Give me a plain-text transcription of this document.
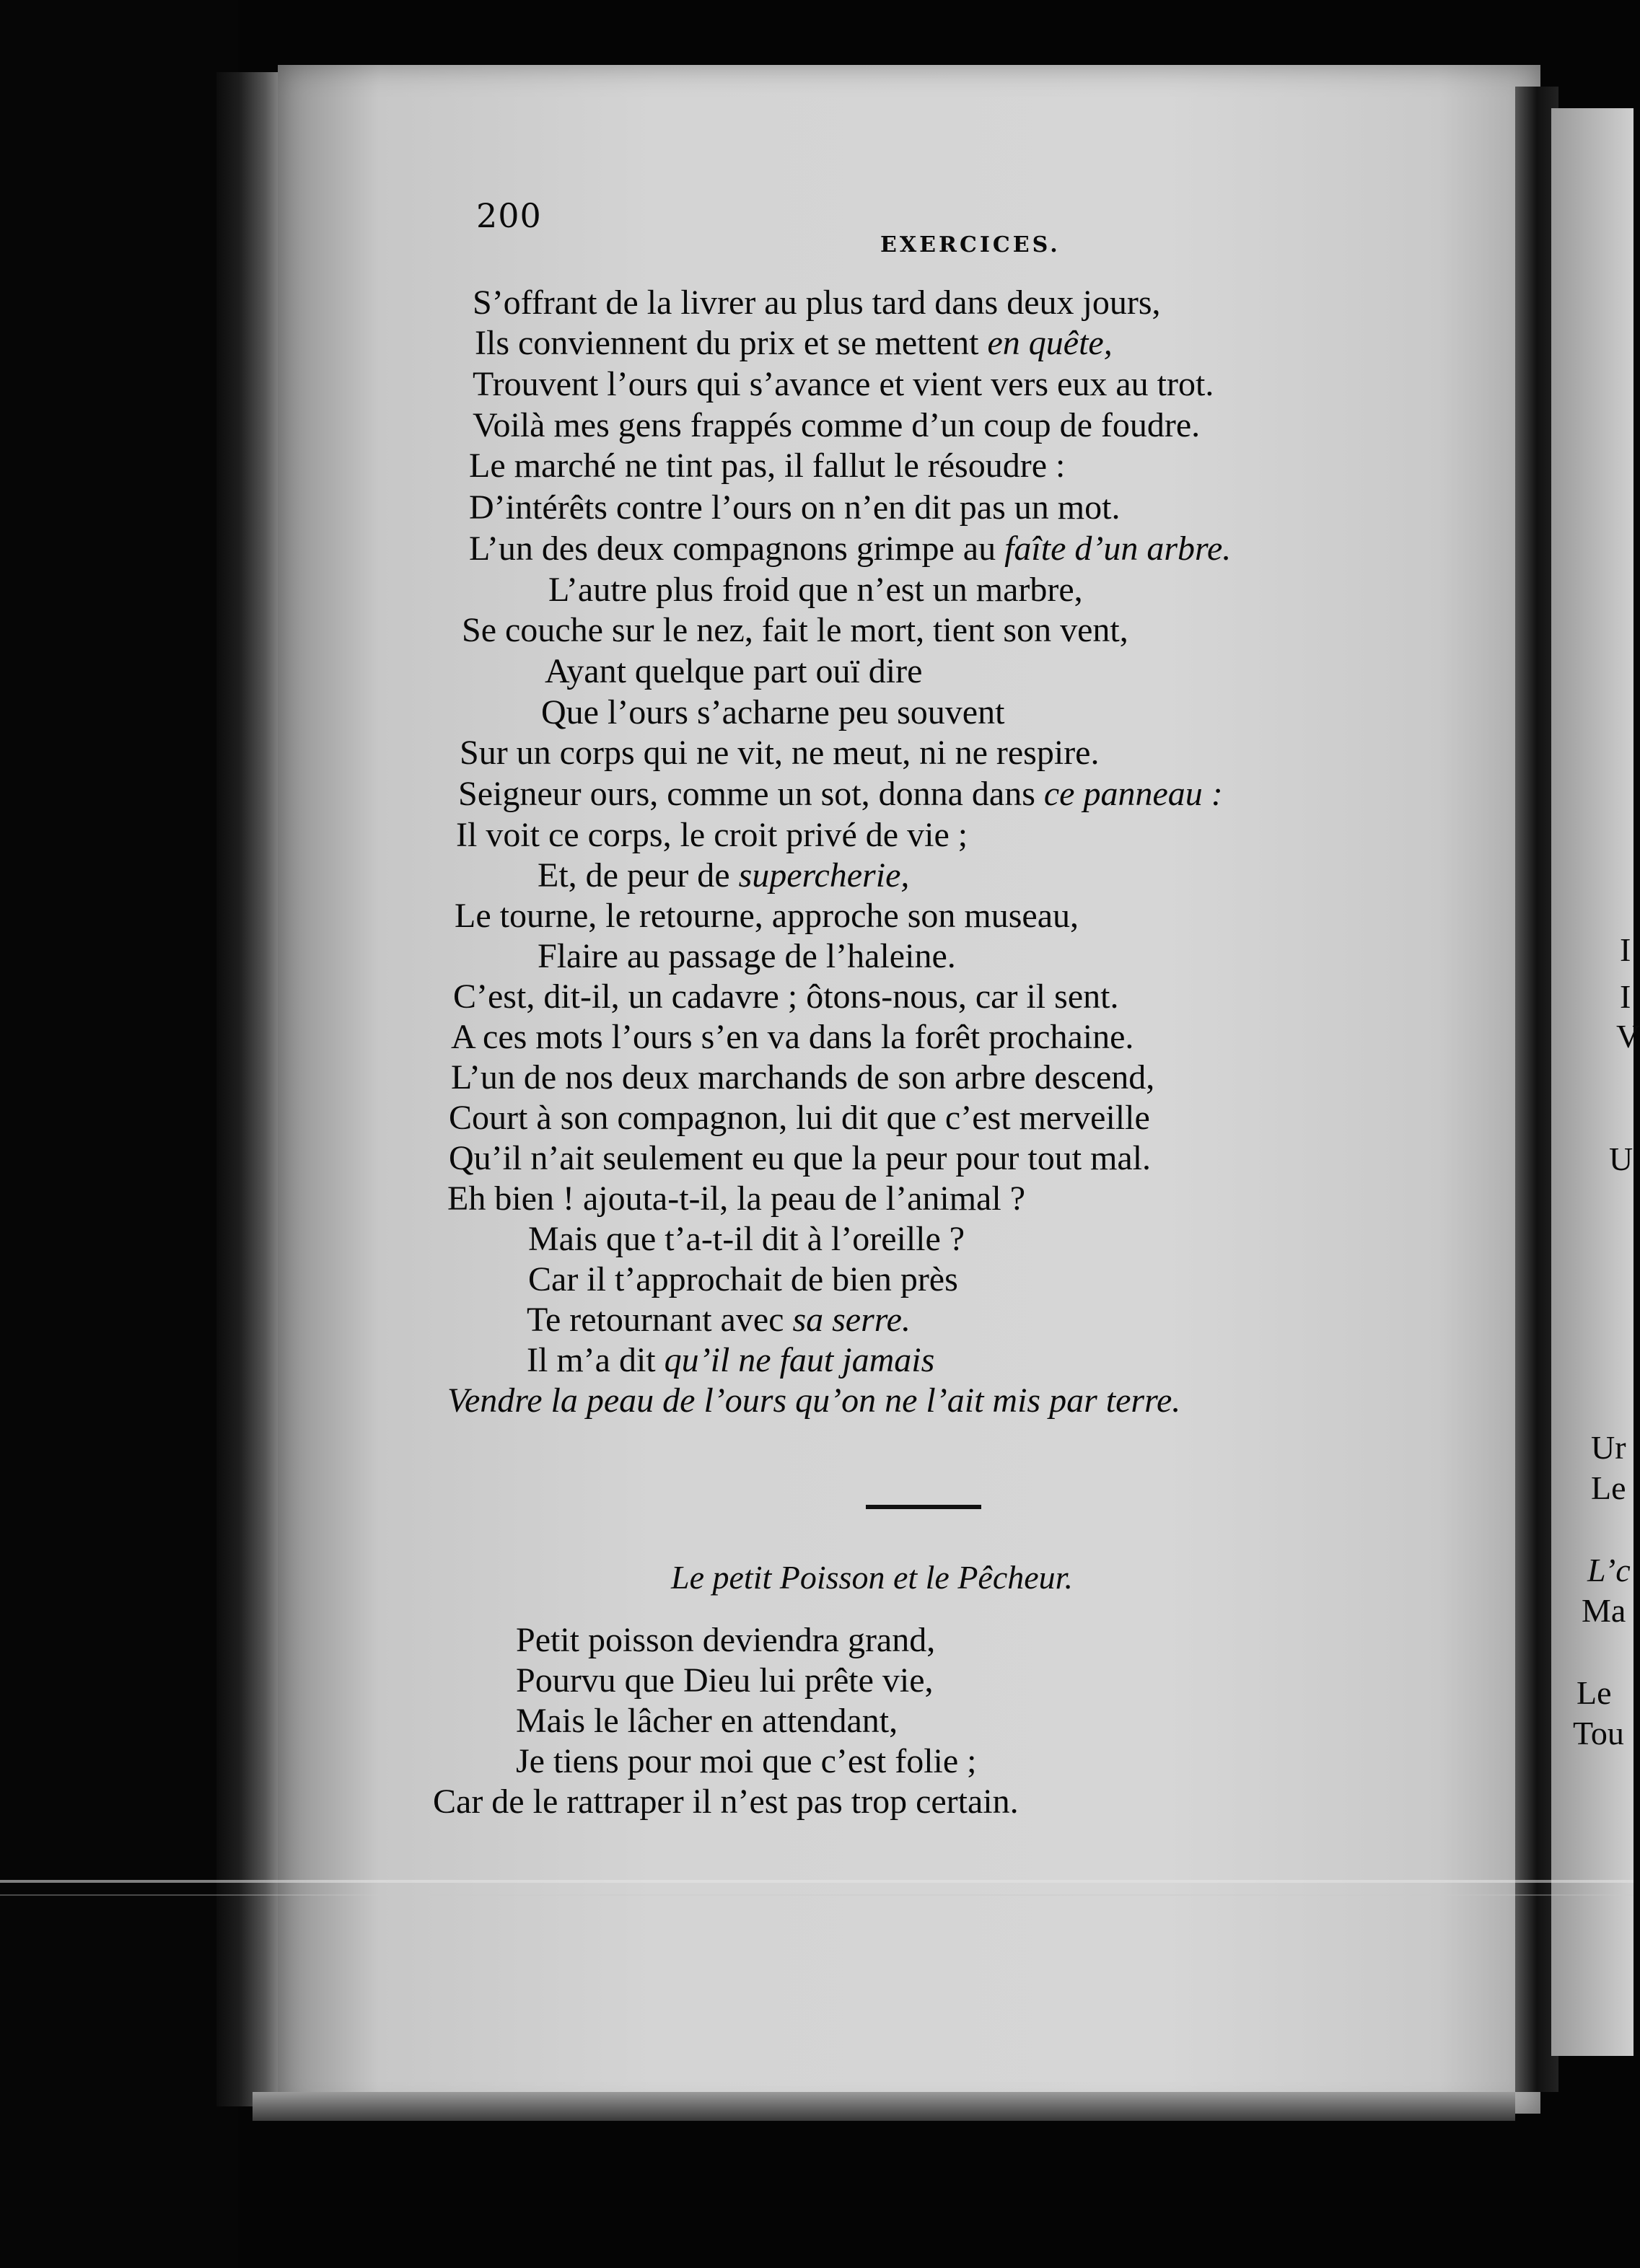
200
EXERCICES.
S’offrant de la livrer au plus tard dans deux jours,
Ils conviennent du prix et se mettent en quête,
Trouvent l’ours qui s’avance et vient vers eux au trot.
Voilà mes gens frappés comme d’un coup de foudre.
Le marché ne tint pas, il fallut le résoudre :
D’intérêts contre l’ours on n’en dit pas un mot.
L’un des deux compagnons grimpe au faîte d’un arbre.
L’autre plus froid que n’est un marbre,
Se couche sur le nez, fait le mort, tient son vent,
Ayant quelque part ouï dire
Que l’ours s’acharne peu souvent
Sur un corps qui ne vit, ne meut, ni ne respire.
Seigneur ours, comme un sot, donna dans ce panneau :
Il voit ce corps, le croit privé de vie ;
Et, de peur de supercherie,
Le tourne, le retourne, approche son museau,
Flaire au passage de l’haleine.
C’est, dit-il, un cadavre ; ôtons-nous, car il sent.
A ces mots l’ours s’en va dans la forêt prochaine.
L’un de nos deux marchands de son arbre descend,
Court à son compagnon, lui dit que c’est merveille
Qu’il n’ait seulement eu que la peur pour tout mal.
Eh bien ! ajouta-t-il, la peau de l’animal ?
Mais que t’a-t-il dit à l’oreille ?
Car il t’approchait de bien près
Te retournant avec sa serre.
Il m’a dit qu’il ne faut jamais
Vendre la peau de l’ours qu’on ne l’ait mis par terre.
Le petit Poisson et le Pêcheur.
Petit poisson deviendra grand,
Pourvu que Dieu lui prête vie,
Mais le lâcher en attendant,
Je tiens pour moi que c’est folie ;
Car de le rattraper il n’est pas trop certain.
I
I
V
U
Ur
Le
L’c
Ma
Le
Tou
